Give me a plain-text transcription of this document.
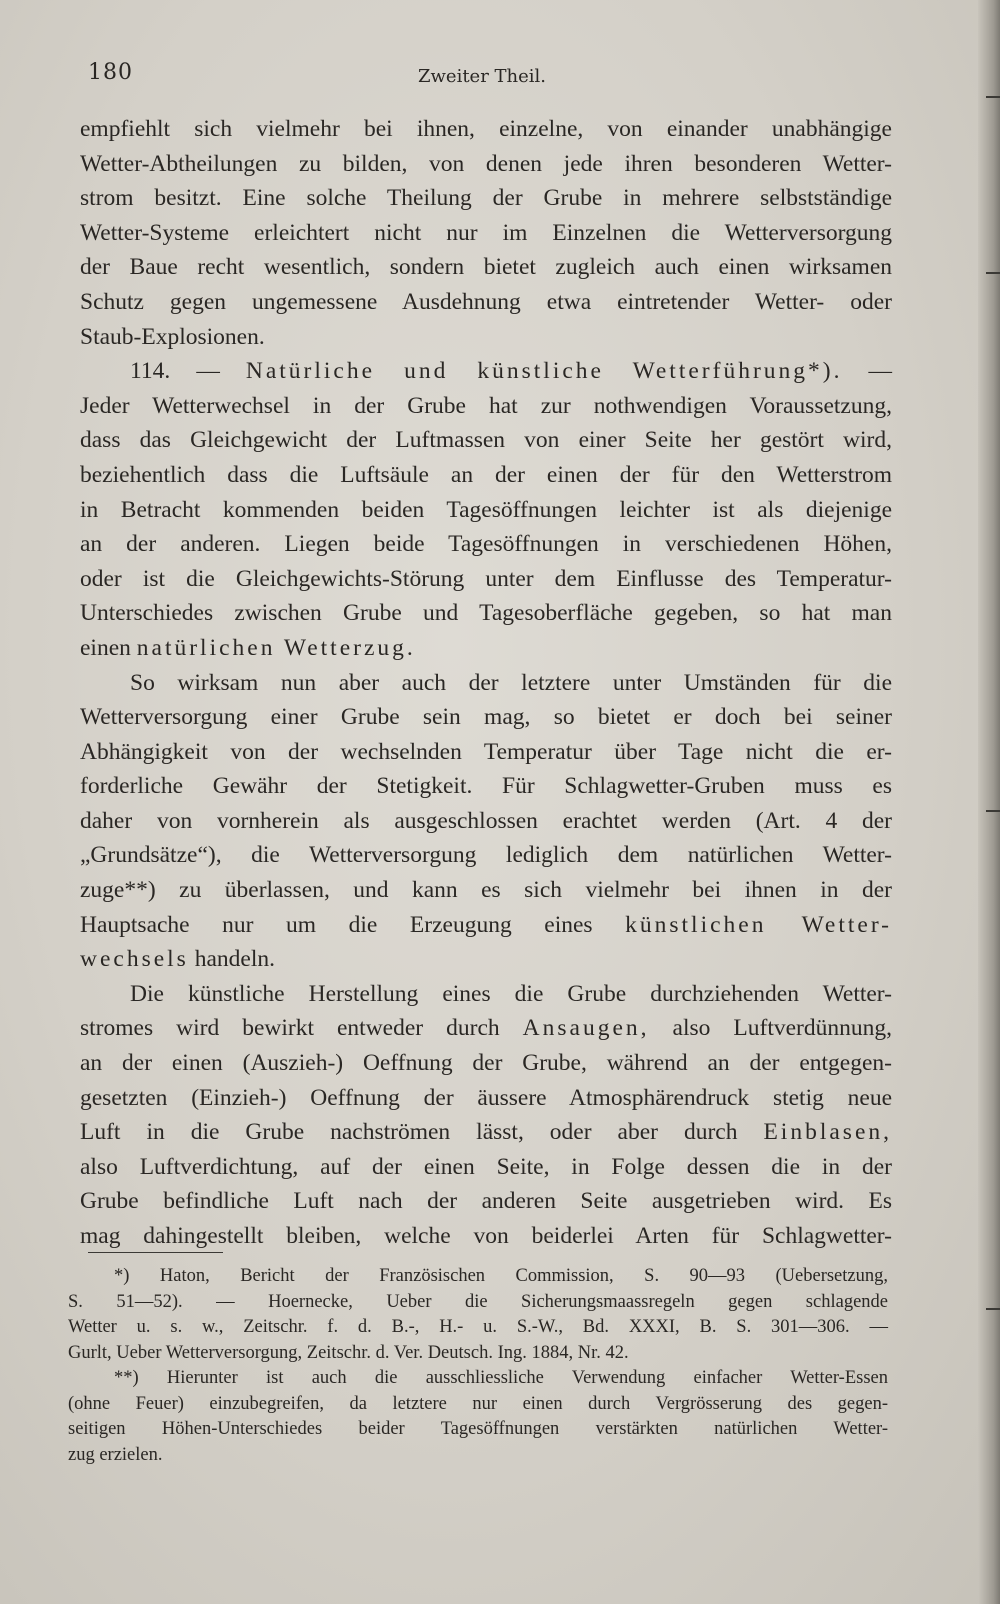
180	Zweiter Theil.
empfiehlt sich vielmehr bei ihnen, einzelne, von einander unabhängige
Wetter-Abtheilungen zu bilden, von denen jede ihren besonderen Wetter-
strom besitzt. Eine solche Theilung der Grube in mehrere selbstständige
Wetter-Systeme erleichtert nicht nur im Einzelnen die Wetterversorgung
der Baue recht wesentlich, sondern bietet zugleich auch einen wirksamen
Schutz gegen ungemessene Ausdehnung etwa eintretender Wetter- oder
Staub-Explosionen.
114. — Natürliche und künstliche Wetterführung*). —
Jeder Wetterwechsel in der Grube hat zur nothwendigen Voraussetzung,
dass das Gleichgewicht der Luftmassen von einer Seite her gestört wird,
beziehentlich dass die Luftsäule an der einen der für den Wetterstrom
in Betracht kommenden beiden Tagesöffnungen leichter ist als diejenige
an der anderen. Liegen beide Tagesöffnungen in verschiedenen Höhen,
oder ist die Gleichgewichts-Störung unter dem Einflusse des Temperatur-
Unterschiedes zwischen Grube und Tagesoberfläche gegeben, so hat man
einen natürlichen Wetterzug.
So wirksam nun aber auch der letztere unter Umständen für die
Wetterversorgung einer Grube sein mag, so bietet er doch bei seiner
Abhängigkeit von der wechselnden Temperatur über Tage nicht die er-
forderliche Gewähr der Stetigkeit. Für Schlagwetter-Gruben muss es
daher von vornherein als ausgeschlossen erachtet werden (Art. 4 der
„Grundsätze“), die Wetterversorgung lediglich dem natürlichen Wetter-
zuge**) zu überlassen, und kann es sich vielmehr bei ihnen in der
Hauptsache nur um die Erzeugung eines künstlichen Wetter-
wechsels handeln.
Die künstliche Herstellung eines die Grube durchziehenden Wetter-
stromes wird bewirkt entweder durch Ansaugen, also Luftverdünnung,
an der einen (Auszieh-) Oeffnung der Grube, während an der entgegen-
gesetzten (Einzieh-) Oeffnung der äussere Atmosphärendruck stetig neue
Luft in die Grube nachströmen lässt, oder aber durch Einblasen,
also Luftverdichtung, auf der einen Seite, in Folge dessen die in der
Grube befindliche Luft nach der anderen Seite ausgetrieben wird. Es
mag dahingestellt bleiben, welche von beiderlei Arten für Schlagwetter-
*) Haton, Bericht der Französischen Commission, S. 90—93 (Uebersetzung,
S. 51—52). — Hoernecke, Ueber die Sicherungsmaassregeln gegen schlagende
Wetter u. s. w., Zeitschr. f. d. B.-, H.- u. S.-W., Bd. XXXI, B. S. 301—306. —
Gurlt, Ueber Wetterversorgung, Zeitschr. d. Ver. Deutsch. Ing. 1884, Nr. 42.
**) Hierunter ist auch die ausschliessliche Verwendung einfacher Wetter-Essen
(ohne Feuer) einzubegreifen, da letztere nur einen durch Vergrösserung des gegen-
seitigen Höhen-Unterschiedes beider Tagesöffnungen verstärkten natürlichen Wetter-
zug erzielen.
